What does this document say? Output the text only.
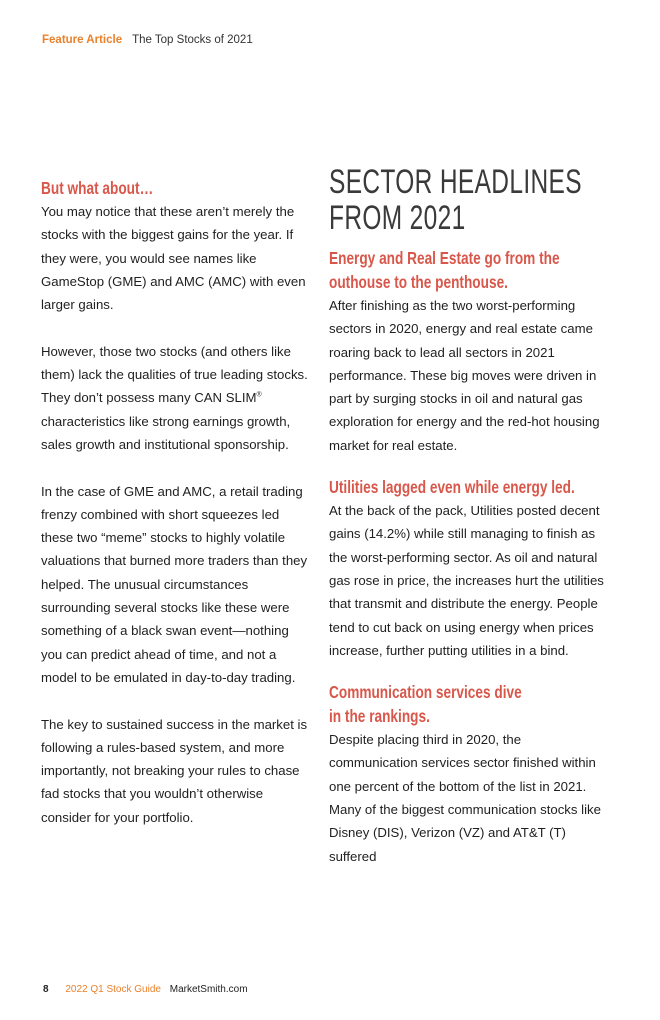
Feature Article The Top Stocks of 2021
But what about…

You may notice that these aren’t merely the stocks with the biggest gains for the year. If they were, you would see names like GameStop (GME) and AMC (AMC) with even larger gains.

However, those two stocks (and others like them) lack the qualities of true leading stocks. They don’t possess many CAN SLIM® characteristics like strong earnings growth, sales growth and institutional sponsorship.

In the case of GME and AMC, a retail trading frenzy combined with short squeezes led these two “meme” stocks to highly volatile valuations that burned more traders than they helped. The unusual circumstances surrounding several stocks like these were something of a black swan event—nothing you can predict ahead of time, and not a model to be emulated in day-to-day trading.

The key to sustained success in the market is following a rules-based system, and more importantly, not breaking your rules to chase fad stocks that you wouldn’t otherwise consider for your portfolio.

SECTOR HEADLINES
FROM 2021
Energy and Real Estate go from the
outhouse to the penthouse.

After finishing as the two worst-performing sectors in 2020, energy and real estate came roaring back to lead all sectors in 2021 performance. These big moves were driven in part by surging stocks in oil and natural gas exploration for energy and the red-hot housing market for real estate.

Utilities lagged even while energy led.

At the back of the pack, Utilities posted decent gains (14.2%) while still managing to finish as the worst-performing sector. As oil and natural gas rose in price, the increases hurt the utilities that transmit and distribute the energy. People tend to cut back on using energy when prices increase, further putting utilities in a bind.

Communication services dive
in the rankings.

Despite placing third in 2020, the communication services sector finished within one percent of the bottom of the list in 2021. Many of the biggest communication stocks like Disney (DIS), Verizon (VZ) and AT&T (T) suffered

8 2022 Q1 Stock Guide MarketSmith.com
